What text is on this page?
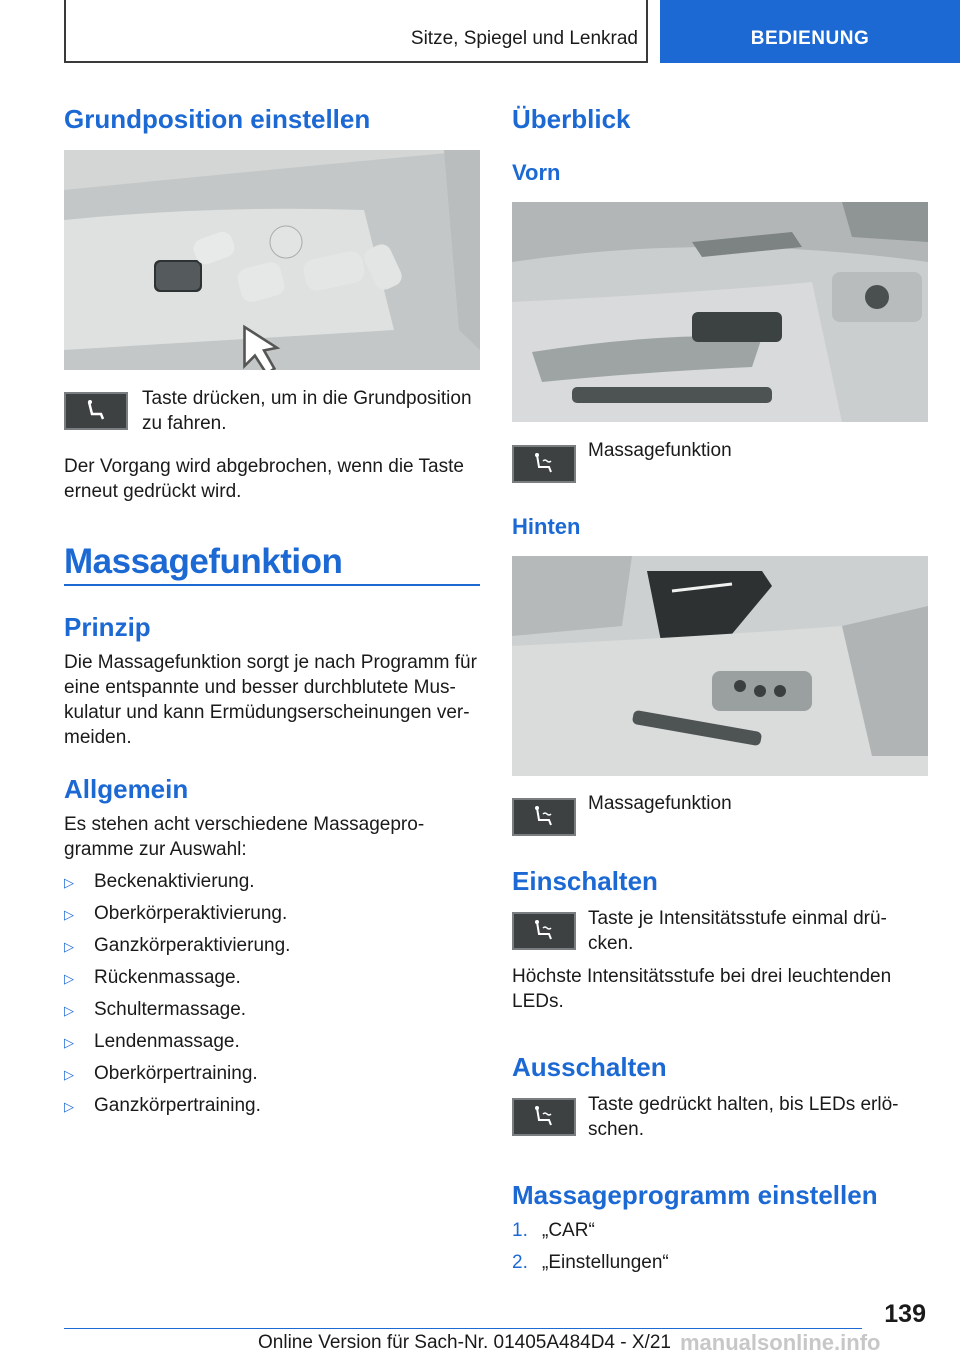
Sitze, Spiegel und Lenkrad	BEDIENUNG
Grundposition einstellen
Taste drücken, um in die Grundposition zu fahren.

Der Vorgang wird abgebrochen, wenn die Taste erneut gedrückt wird.

Massagefunktion
Prinzip

Die Massagefunktion sorgt je nach Programm für eine entspannte und besser durchblutete Mus-kulatur und kann Ermüdungserscheinungen ver-meiden.

Allgemein

Es stehen acht verschiedene Massagepro-gramme zur Auswahl:

▷ Beckenaktivierung.
▷ Oberkörperaktivierung.
▷ Ganzkörperaktivierung.
▷ Rückenmassage.
▷ Schultermassage.
▷ Lendenmassage.
▷ Oberkörpertraining.
▷ Ganzkörpertraining.
Überblick
Vorn
Massagefunktion
Hinten
Massagefunktion
Einschalten
Taste je Intensitätsstufe einmal drü-cken.

Höchste Intensitätsstufe bei drei leuchtenden LEDs.

Ausschalten
Taste gedrückt halten, bis LEDs erlö-schen.
Massageprogramm einstellen
1. „CAR“
2. „Einstellungen“
139
Online Version für Sach-Nr. 01405A484D4 - X/21 manualsonline.info
